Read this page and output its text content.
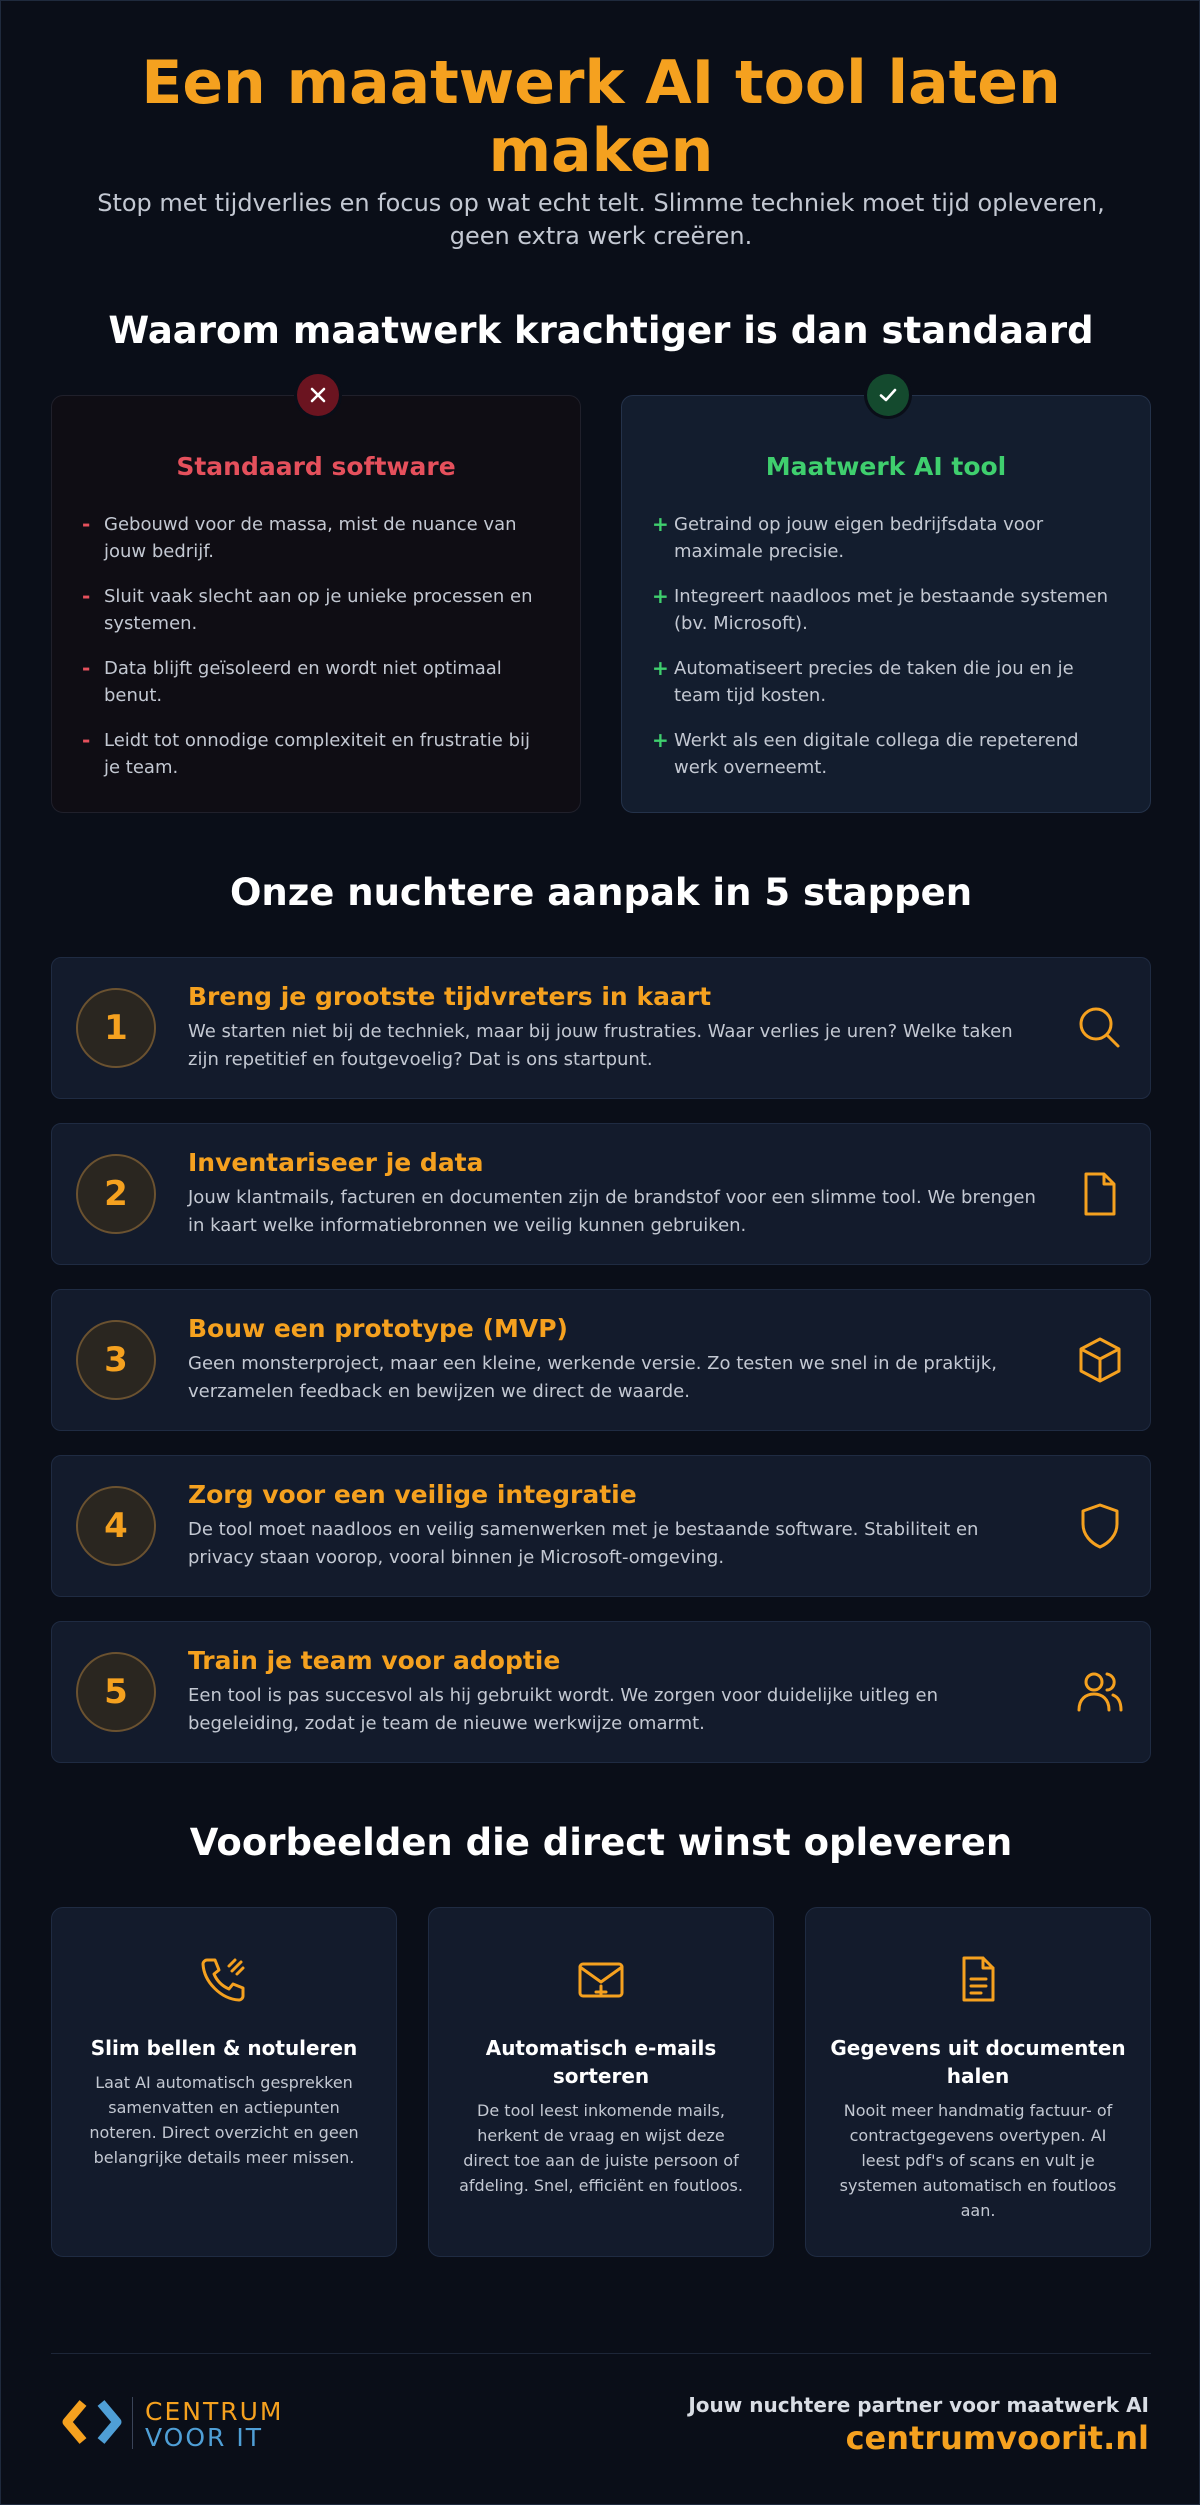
Een maatwerk AI tool laten maken

Stop met tijdverlies en focus op wat echt telt. Slimme techniek moet tijd opleveren, geen extra werk creëren.

Waarom maatwerk krachtiger is dan standaard
Standaard software
- Gebouwd voor de massa, mist de nuance van jouw bedrijf.
- Sluit vaak slecht aan op je unieke processen en systemen.
- Data blijft geïsoleerd en wordt niet optimaal benut.
- Leidt tot onnodige complexiteit en frustratie bij je team.
Maatwerk AI tool
+ Getraind op jouw eigen bedrijfsdata voor maximale precisie.
+ Integreert naadloos met je bestaande systemen (bv. Microsoft).
+ Automatiseert precies de taken die jou en je team tijd kosten.
+ Werkt als een digitale collega die repeterend werk overneemt.
Onze nuchtere aanpak in 5 stappen
1
Breng je grootste tijdvreters in kaart
We starten niet bij de techniek, maar bij jouw frustraties. Waar verlies je uren? Welke taken zijn repetitief en foutgevoelig? Dat is ons startpunt.
2
Inventariseer je data
Jouw klantmails, facturen en documenten zijn de brandstof voor een slimme tool. We brengen in kaart welke informatiebronnen we veilig kunnen gebruiken.
3
Bouw een prototype (MVP)
Geen monsterproject, maar een kleine, werkende versie. Zo testen we snel in de praktijk, verzamelen feedback en bewijzen we direct de waarde.
4
Zorg voor een veilige integratie
De tool moet naadloos en veilig samenwerken met je bestaande software. Stabiliteit en privacy staan voorop, vooral binnen je Microsoft-omgeving.
5
Train je team voor adoptie
Een tool is pas succesvol als hij gebruikt wordt. We zorgen voor duidelijke uitleg en begeleiding, zodat je team de nieuwe werkwijze omarmt.
Voorbeelden die direct winst opleveren
Slim bellen & notuleren
Laat AI automatisch gesprekken samenvatten en actiepunten noteren. Direct overzicht en geen belangrijke details meer missen.
Automatisch e-mails sorteren
De tool leest inkomende mails, herkent de vraag en wijst deze direct toe aan de juiste persoon of afdeling. Snel, efficiënt en foutloos.
Gegevens uit documenten halen
Nooit meer handmatig factuur- of contractgegevens overtypen. AI leest pdf's of scans en vult je systemen automatisch en foutloos aan.
CENTRUM
VOOR IT
Jouw nuchtere partner voor maatwerk AI
centrumvoorit.nl
